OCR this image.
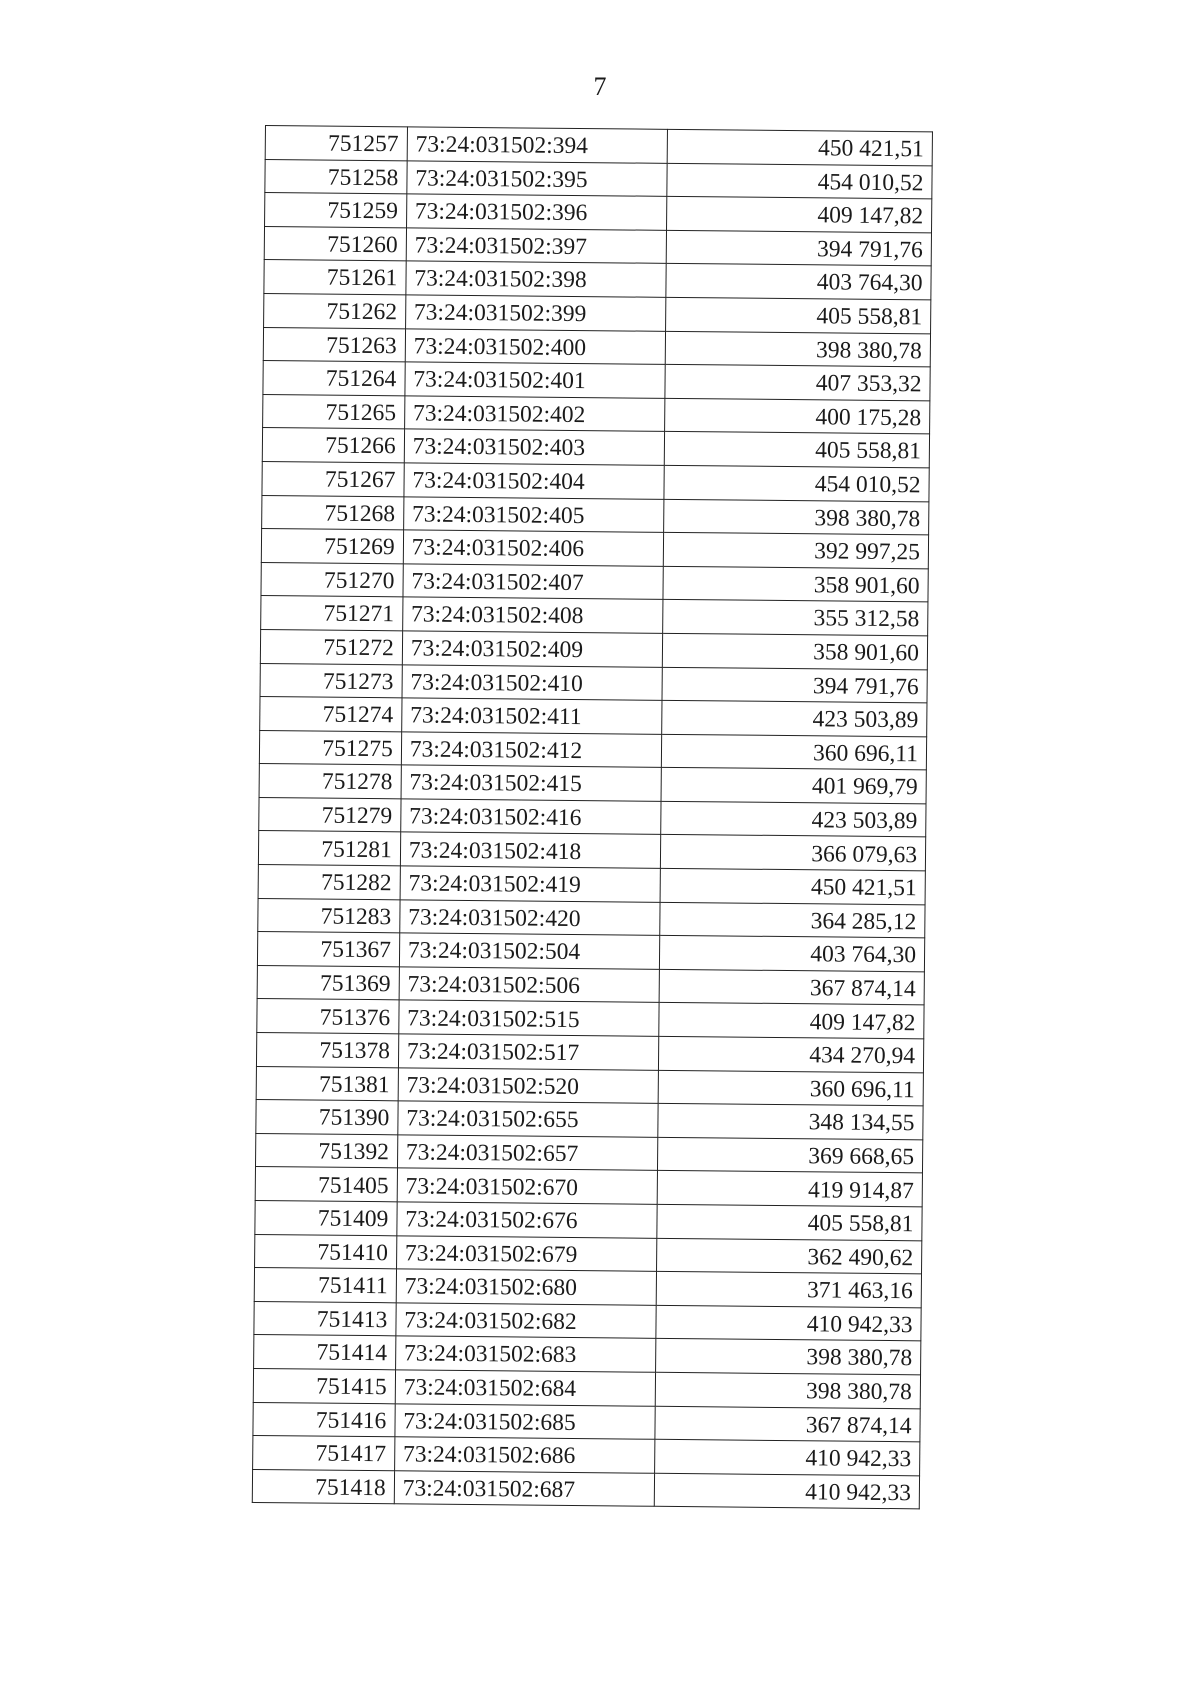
7
751257	73:24:031502:394	450 421,51
751258	73:24:031502:395	454 010,52
751259	73:24:031502:396	409 147,82
751260	73:24:031502:397	394 791,76
751261	73:24:031502:398	403 764,30
751262	73:24:031502:399	405 558,81
751263	73:24:031502:400	398 380,78
751264	73:24:031502:401	407 353,32
751265	73:24:031502:402	400 175,28
751266	73:24:031502:403	405 558,81
751267	73:24:031502:404	454 010,52
751268	73:24:031502:405	398 380,78
751269	73:24:031502:406	392 997,25
751270	73:24:031502:407	358 901,60
751271	73:24:031502:408	355 312,58
751272	73:24:031502:409	358 901,60
751273	73:24:031502:410	394 791,76
751274	73:24:031502:411	423 503,89
751275	73:24:031502:412	360 696,11
751278	73:24:031502:415	401 969,79
751279	73:24:031502:416	423 503,89
751281	73:24:031502:418	366 079,63
751282	73:24:031502:419	450 421,51
751283	73:24:031502:420	364 285,12
751367	73:24:031502:504	403 764,30
751369	73:24:031502:506	367 874,14
751376	73:24:031502:515	409 147,82
751378	73:24:031502:517	434 270,94
751381	73:24:031502:520	360 696,11
751390	73:24:031502:655	348 134,55
751392	73:24:031502:657	369 668,65
751405	73:24:031502:670	419 914,87
751409	73:24:031502:676	405 558,81
751410	73:24:031502:679	362 490,62
751411	73:24:031502:680	371 463,16
751413	73:24:031502:682	410 942,33
751414	73:24:031502:683	398 380,78
751415	73:24:031502:684	398 380,78
751416	73:24:031502:685	367 874,14
751417	73:24:031502:686	410 942,33
751418	73:24:031502:687	410 942,33
